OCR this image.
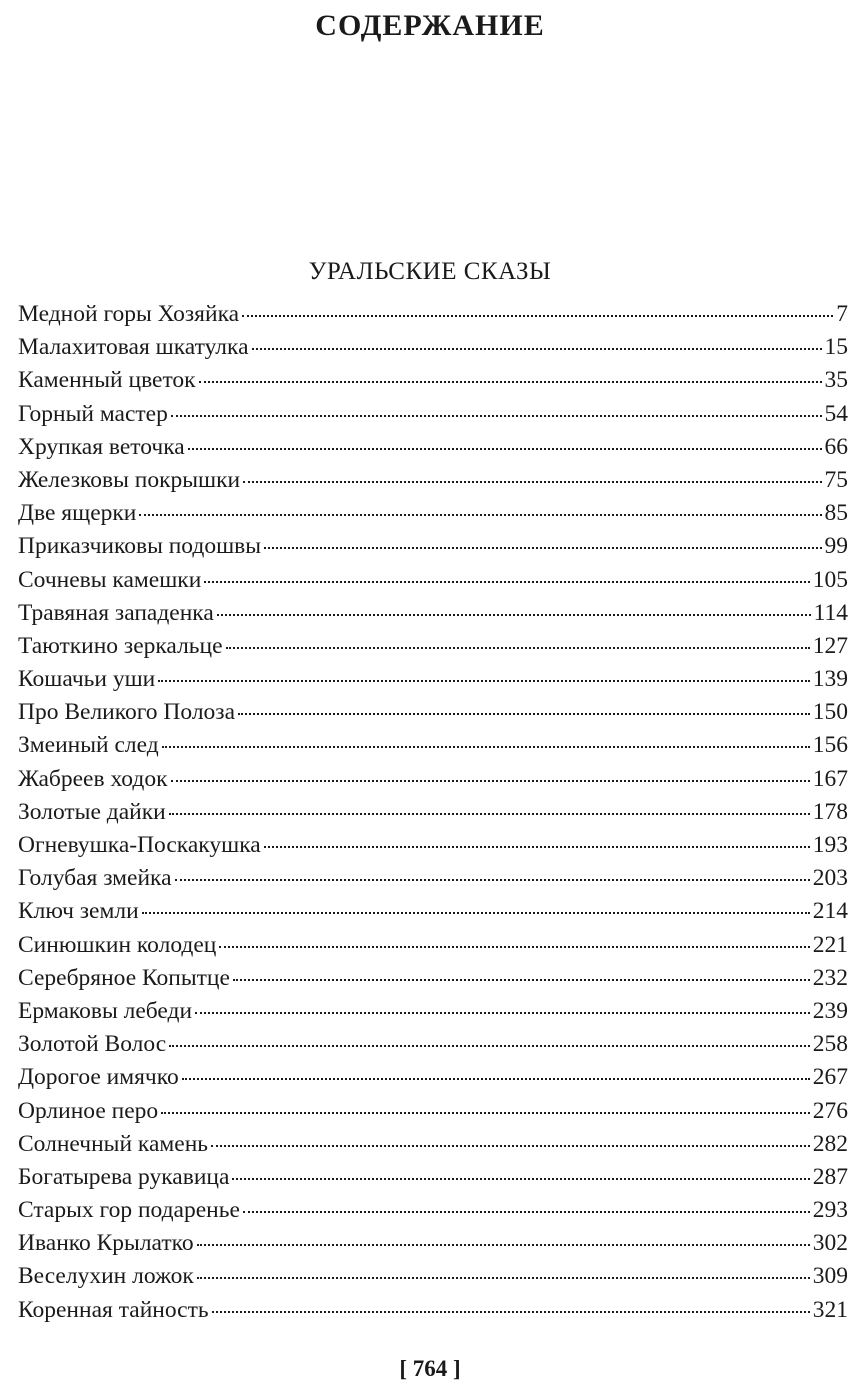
СОДЕРЖАНИЕ
УРАЛЬСКИЕ СКАЗЫ
Медной горы Хозяйка	7
Малахитовая шкатулка	15
Каменный цветок	35
Горный мастер	54
Хрупкая веточка	66
Железковы покрышки	75
Две ящерки	85
Приказчиковы подошвы	99
Сочневы камешки	105
Травяная западенка	114
Таюткино зеркальце	127
Кошачьи уши	139
Про Великого Полоза	150
Змеиный след	156
Жабреев ходок	167
Золотые дайки	178
Огневушка-Поскакушка	193
Голубая змейка	203
Ключ земли	214
Синюшкин колодец	221
Серебряное Копытце	232
Ермаковы лебеди	239
Золотой Волос	258
Дорогое имячко	267
Орлиное перо	276
Солнечный камень	282
Богатырева рукавица	287
Старых гор подаренье	293
Иванко Крылатко	302
Веселухин ложок	309
Коренная тайность	321
[ 764 ]
